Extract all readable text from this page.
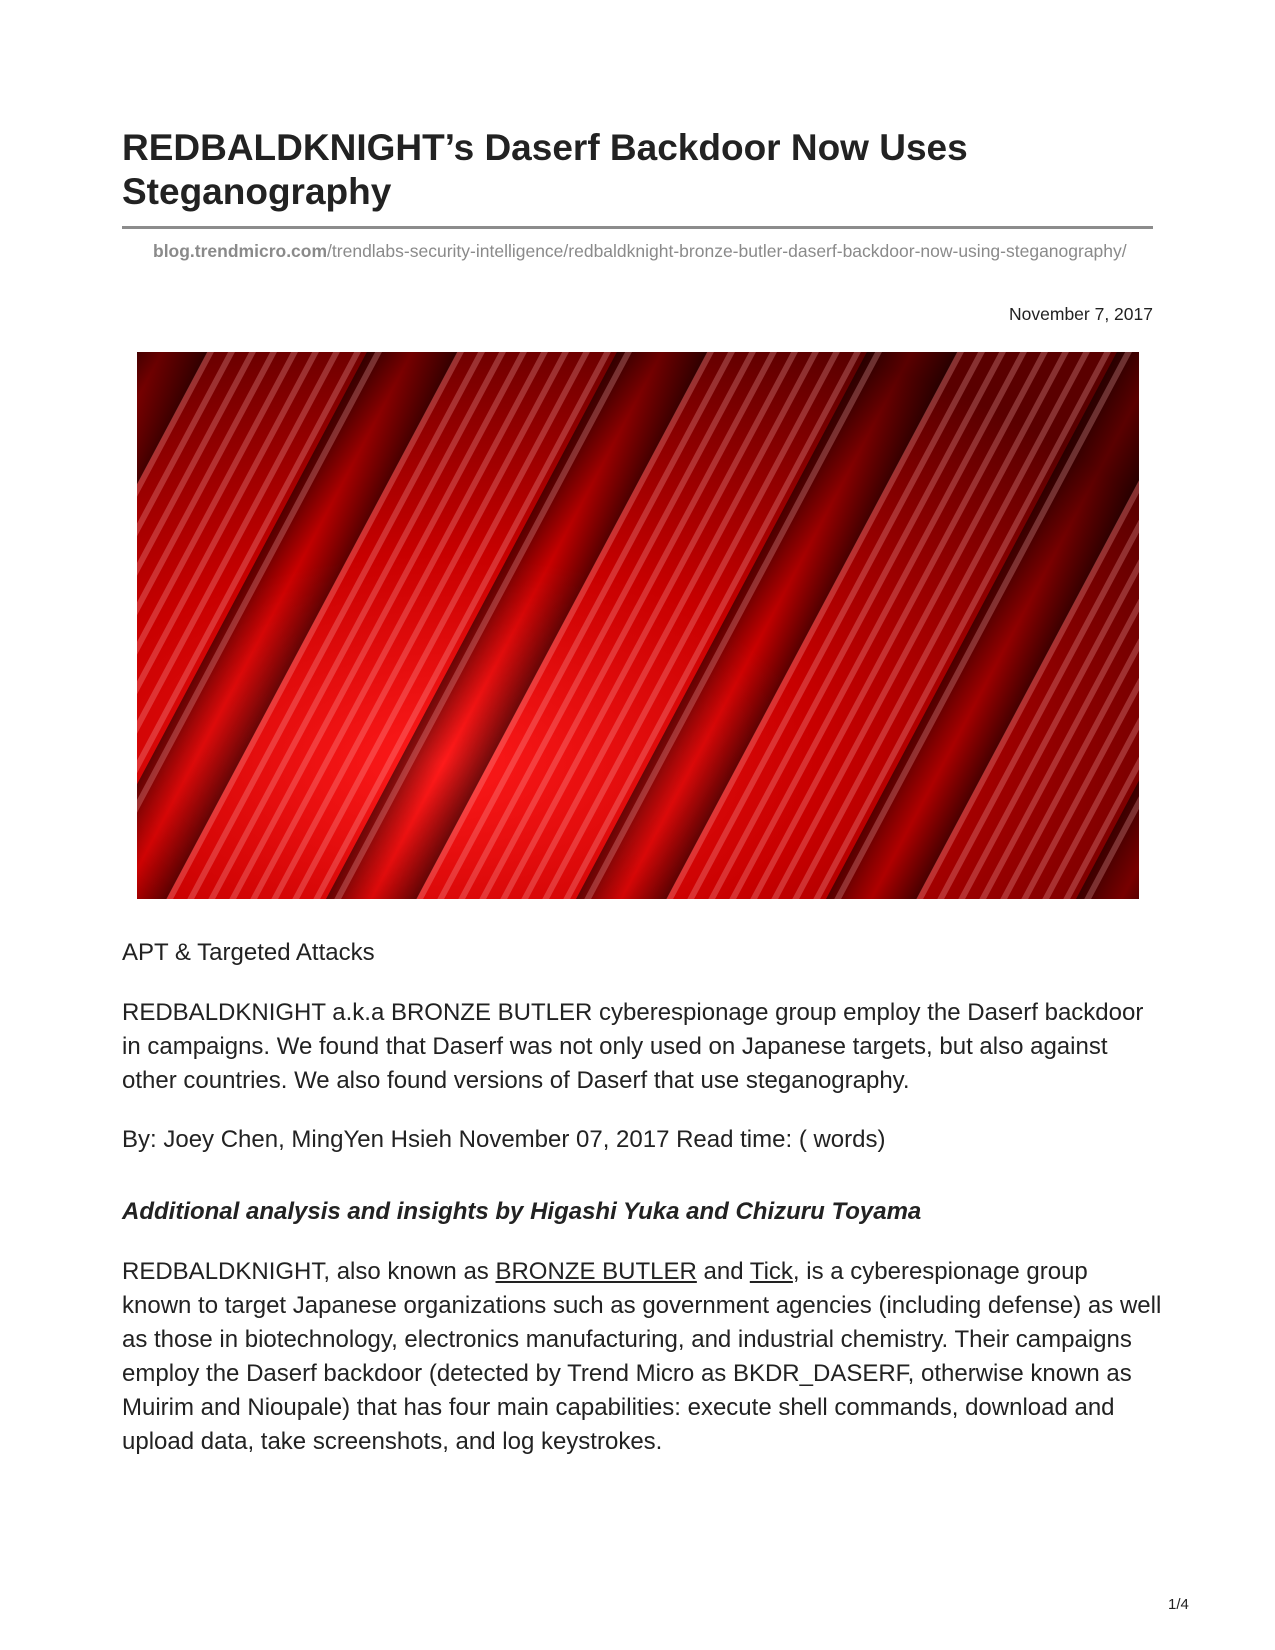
REDBALDKNIGHT’s Daserf Backdoor Now Uses Steganography
blog.trendmicro.com/trendlabs-security-intelligence/redbaldknight-bronze-butler-daserf-backdoor-now-using-steganography/
November 7, 2017
APT & Targeted Attacks
REDBALDKNIGHT a.k.a BRONZE BUTLER cyberespionage group employ the Daserf backdoor in campaigns. We found that Daserf was not only used on Japanese targets, but also against other countries. We also found versions of Daserf that use steganography.
By: Joey Chen, MingYen Hsieh November 07, 2017 Read time: ( words)
Additional analysis and insights by Higashi Yuka and Chizuru Toyama
REDBALDKNIGHT, also known as BRONZE BUTLER and Tick, is a cyberespionage group known to target Japanese organizations such as government agencies (including defense) as well as those in biotechnology, electronics manufacturing, and industrial chemistry. Their campaigns employ the Daserf backdoor (detected by Trend Micro as BKDR_DASERF, otherwise known as Muirim and Nioupale) that has four main capabilities: execute shell commands, download and upload data, take screenshots, and log keystrokes.
1/4
